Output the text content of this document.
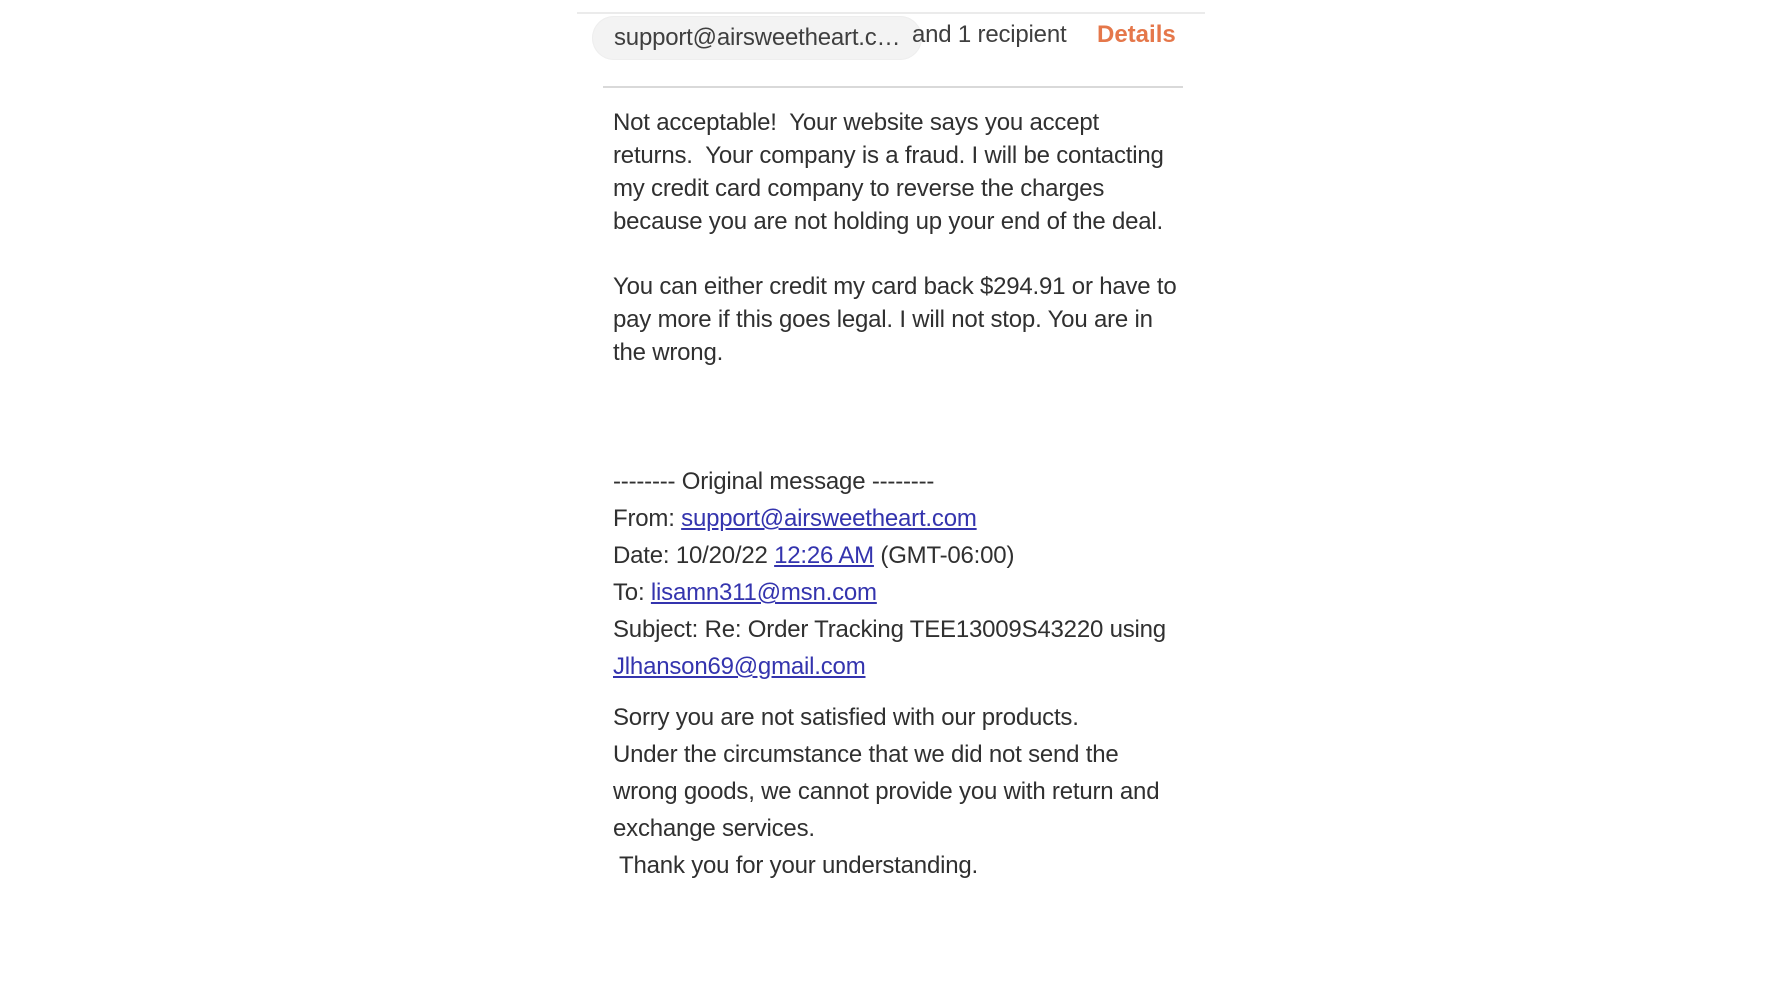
support@airsweetheart.c… and 1 recipient Details
Not acceptable!  Your website says you accept
returns.  Your company is a fraud. I will be contacting
my credit card company to reverse the charges
because you are not holding up your end of the deal.
You can either credit my card back $294.91 or have to
pay more if this goes legal. I will not stop. You are in
the wrong.
-------- Original message --------
From: support@airsweetheart.com
Date: 10/20/22 12:26 AM (GMT-06:00)
To: lisamn311@msn.com
Subject: Re: Order Tracking TEE13009S43220 using
Jlhanson69@gmail.com
Sorry you are not satisfied with our products.
Under the circumstance that we did not send the
wrong goods, we cannot provide you with return and
exchange services.
Thank you for your understanding.
